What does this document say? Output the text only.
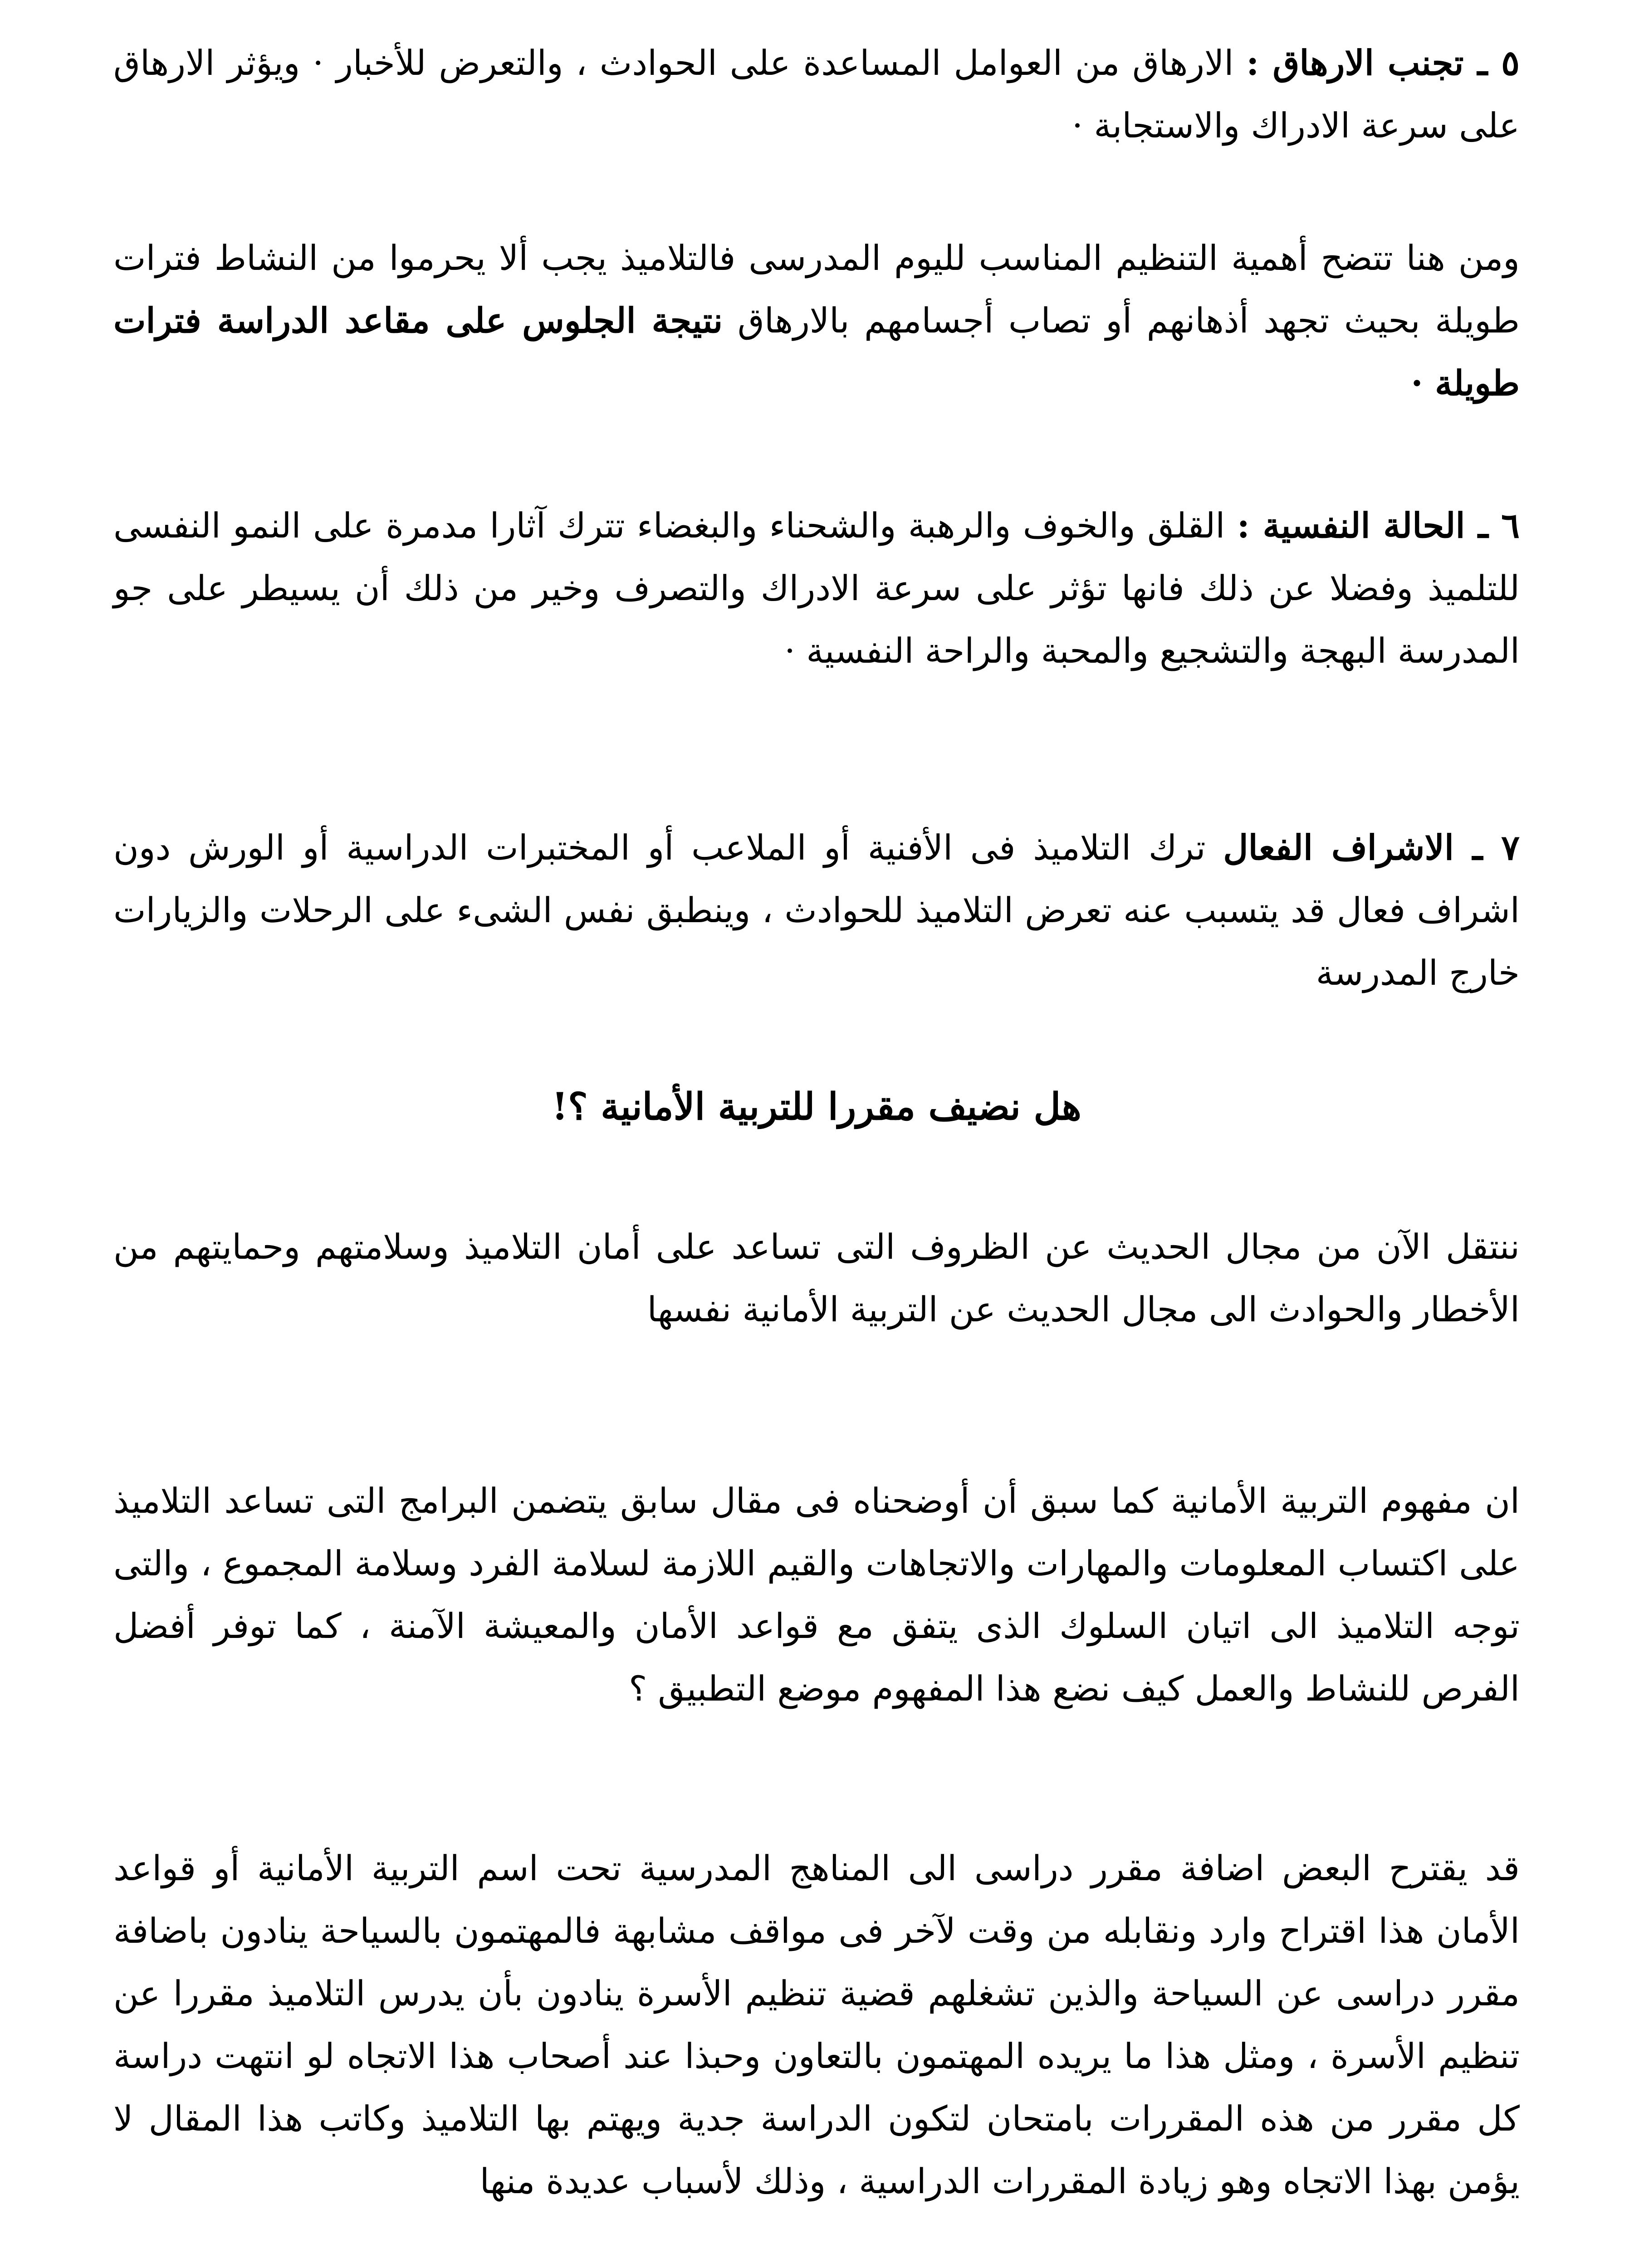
٥ ـ تجنب الارهاق : الارهاق من العوامل المساعدة على الحوادث ، والتعرض للأخبار · ويؤثر الارهاق على سرعة الادراك والاستجابة ·

ومن هنا تتضح أهمية التنظيم المناسب لليوم المدرسى فالتلاميذ يجب ألا يحرموا من النشاط فترات طويلة بحيث تجهد أذهانهم أو تصاب أجسامهم بالارهاق نتيجة الجلوس على مقاعد الدراسة فترات طويلة ·

٦ ـ الحالة النفسية : القلق والخوف والرهبة والشحناء والبغضاء تترك آثارا مدمرة على النمو النفسى للتلميذ وفضلا عن ذلك فانها تؤثر على سرعة الادراك والتصرف وخير من ذلك أن يسيطر على جو المدرسة البهجة والتشجيع والمحبة والراحة النفسية ·

٧ ـ الاشراف الفعال ترك التلاميذ فى الأفنية أو الملاعب أو المختبرات الدراسية أو الورش دون اشراف فعال قد يتسبب عنه تعرض التلاميذ للحوادث ، وينطبق نفس الشىء على الرحلات والزيارات خارج المدرسة

هل نضيف مقررا للتربية الأمانية ؟!

ننتقل الآن من مجال الحديث عن الظروف التى تساعد على أمان التلاميذ وسلامتهم وحمايتهم من الأخطار والحوادث الى مجال الحديث عن التربية الأمانية نفسها

ان مفهوم التربية الأمانية كما سبق أن أوضحناه فى مقال سابق يتضمن البرامج التى تساعد التلاميذ على اكتساب المعلومات والمهارات والاتجاهات والقيم اللازمة لسلامة الفرد وسلامة المجموع ، والتى توجه التلاميذ الى اتيان السلوك الذى يتفق مع قواعد الأمان والمعيشة الآمنة ، كما توفر أفضل الفرص للنشاط والعمل كيف نضع هذا المفهوم موضع التطبيق ؟

قد يقترح البعض اضافة مقرر دراسى الى المناهج المدرسية تحت اسم التربية الأمانية أو قواعد الأمان هذا اقتراح وارد ونقابله من وقت لآخر فى مواقف مشابهة فالمهتمون بالسياحة ينادون باضافة مقرر دراسى عن السياحة والذين تشغلهم قضية تنظيم الأسرة ينادون بأن يدرس التلاميذ مقررا عن تنظيم الأسرة ، ومثل هذا ما يريده المهتمون بالتعاون وحبذا عند أصحاب هذا الاتجاه لو انتهت دراسة كل مقرر من هذه المقررات بامتحان لتكون الدراسة جدية ويهتم بها التلاميذ وكاتب هذا المقال لا يؤمن بهذا الاتجاه وهو زيادة المقررات الدراسية ، وذلك لأسباب عديدة منها
